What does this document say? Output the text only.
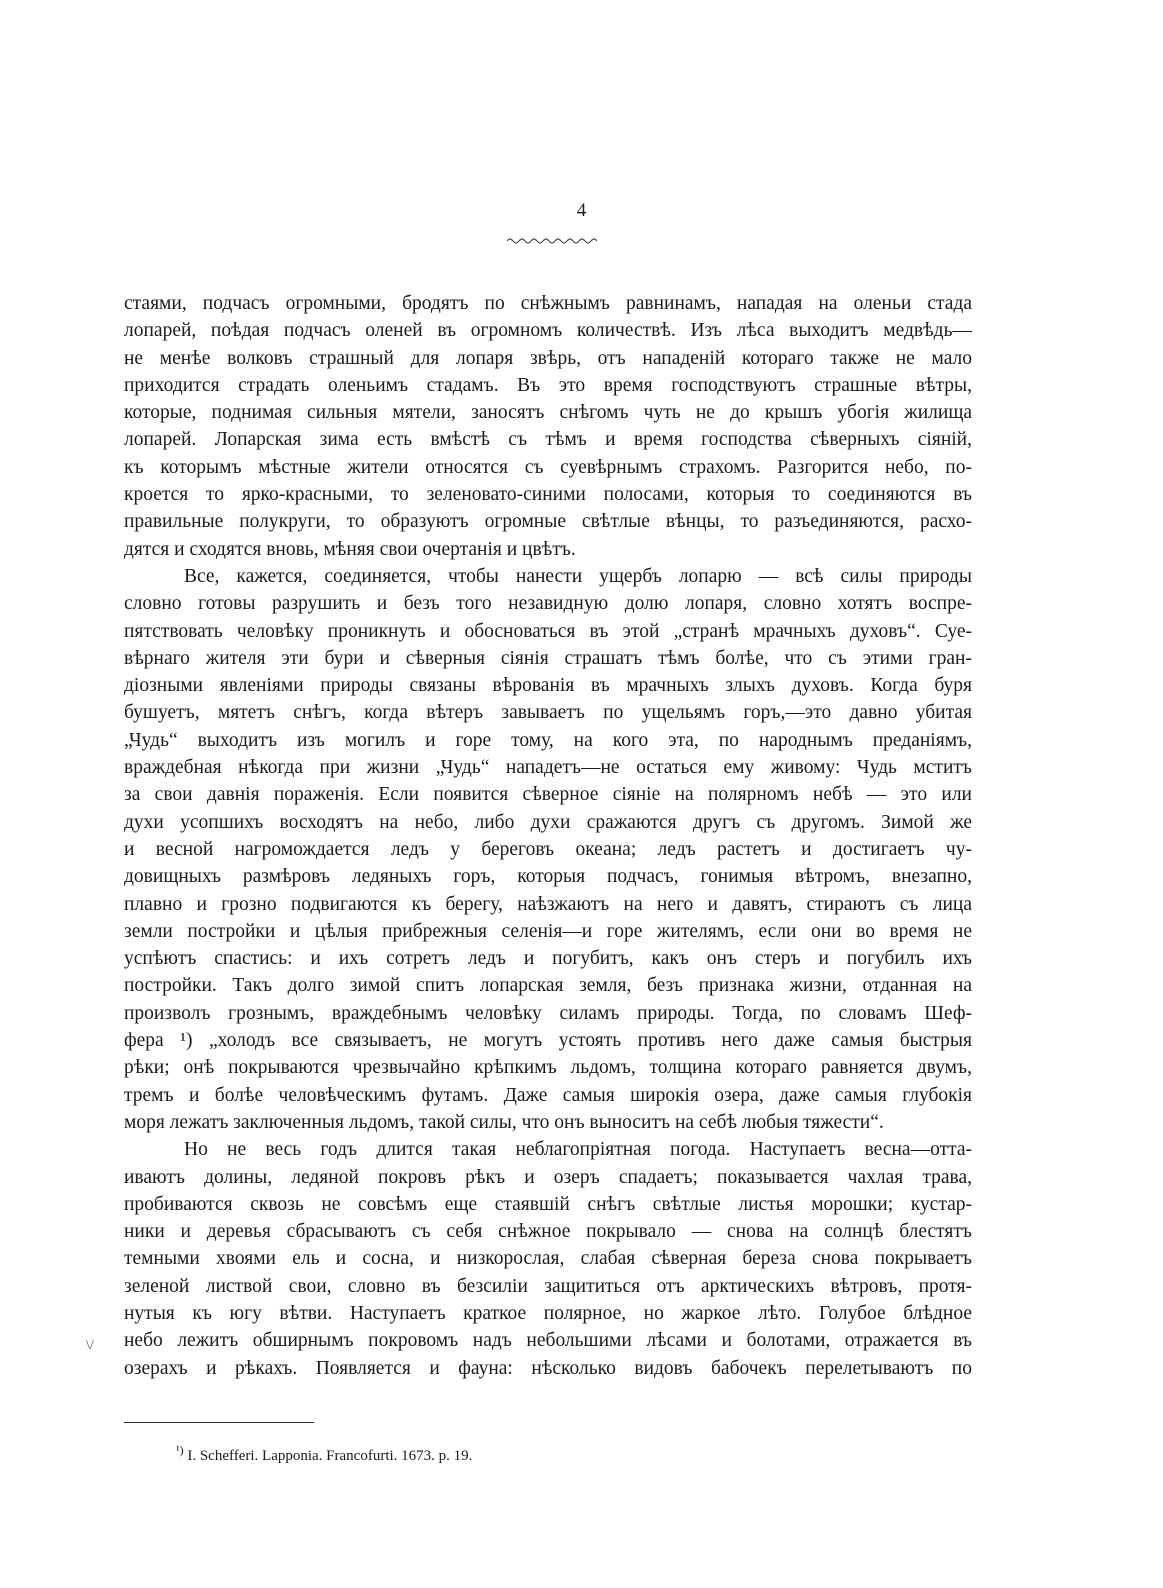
4
стаями, подчасъ огромными, бродятъ по снѣжнымъ равнинамъ, нападая на оленьи стада
лопарей, поѣдая подчасъ оленей въ огромномъ количествѣ. Изъ лѣса выходитъ медвѣдь—
не менѣе волковъ страшный для лопаря звѣрь, отъ нападеній котораго также не мало
приходится страдать оленьимъ стадамъ. Въ это время господствуютъ страшные вѣтры,
которые, поднимая сильныя мятели, заносятъ снѣгомъ чуть не до крышъ убогія жилища
лопарей. Лопарская зима есть вмѣстѣ съ тѣмъ и время господства сѣверныхъ сіяній,
къ которымъ мѣстные жители относятся съ суевѣрнымъ страхомъ. Разгорится небо, по-
кроется то ярко-красными, то зеленовато-синими полосами, которыя то соединяются въ
правильные полукруги, то образуютъ огромные свѣтлые вѣнцы, то разъединяются, расхо-
дятся и сходятся вновь, мѣняя свои очертанія и цвѣтъ.
Все, кажется, соединяется, чтобы нанести ущербъ лопарю — всѣ силы природы
словно готовы разрушить и безъ того незавидную долю лопаря, словно хотятъ воспре-
пятствовать человѣку проникнуть и обосноваться въ этой „странѣ мрачныхъ духовъ“. Суе-
вѣрнаго жителя эти бури и сѣверныя сіянія страшатъ тѣмъ болѣе, что съ этими гран-
діозными явленіями природы связаны вѣрованія въ мрачныхъ злыхъ духовъ. Когда буря
бушуетъ, мятетъ снѣгъ, когда вѣтеръ завываетъ по ущельямъ горъ,—это давно убитая
„Чудь“ выходитъ изъ могилъ и горе тому, на кого эта, по народнымъ преданіямъ,
враждебная нѣкогда при жизни „Чудь“ нападетъ—не остаться ему живому: Чудь мститъ
за свои давнія пораженія. Если появится сѣверное сіяніе на полярномъ небѣ — это или
духи усопшихъ восходятъ на небо, либо духи сражаются другъ съ другомъ. Зимой же
и весной нагромождается ледъ у береговъ океана; ледъ растетъ и достигаетъ чу-
довищныхъ размѣровъ ледяныхъ горъ, которыя подчасъ, гонимыя вѣтромъ, внезапно,
плавно и грозно подвигаются къ берегу, наѣзжаютъ на него и давятъ, стираютъ съ лица
земли постройки и цѣлыя прибрежныя селенія—и горе жителямъ, если они во время не
успѣютъ спастись: и ихъ сотретъ ледъ и погубитъ, какъ онъ стеръ и погубилъ ихъ
постройки. Такъ долго зимой спитъ лопарская земля, безъ признака жизни, отданная на
произволъ грознымъ, враждебнымъ человѣку силамъ природы. Тогда, по словамъ Шеф-
фера ¹) „холодъ все связываетъ, не могутъ устоять противъ него даже самыя быстрыя
рѣки; онѣ покрываются чрезвычайно крѣпкимъ льдомъ, толщина котораго равняется двумъ,
тремъ и болѣе человѣческимъ футамъ. Даже самыя широкія озера, даже самыя глубокія
моря лежатъ заключенныя льдомъ, такой силы, что онъ выноситъ на себѣ любыя тяжести“.
Но не весь годъ длится такая неблагопріятная погода. Наступаетъ весна—отта-
иваютъ долины, ледяной покровъ рѣкъ и озеръ спадаетъ; показывается чахлая трава,
пробиваются сквозь не совсѣмъ еще стаявшій снѣгъ свѣтлые листья морошки; кустар-
ники и деревья сбрасываютъ съ себя снѣжное покрывало — снова на солнцѣ блестятъ
темными хвоями ель и сосна, и низкорослая, слабая сѣверная береза снова покрываетъ
зеленой листвой свои, словно въ безсиліи защититься отъ арктическихъ вѣтровъ, протя-
нутыя къ югу вѣтви. Наступаетъ краткое полярное, но жаркое лѣто. Голубое блѣдное
небо лежитъ обширнымъ покровомъ надъ небольшими лѣсами и болотами, отражается въ
озерахъ и рѣкахъ. Появляется и фауна: нѣсколько видовъ бабочекъ перелетываютъ по
$^{^1)}$ I. Schefferi. Lapponia. Francofurti. 1673. p. 19.
\/
